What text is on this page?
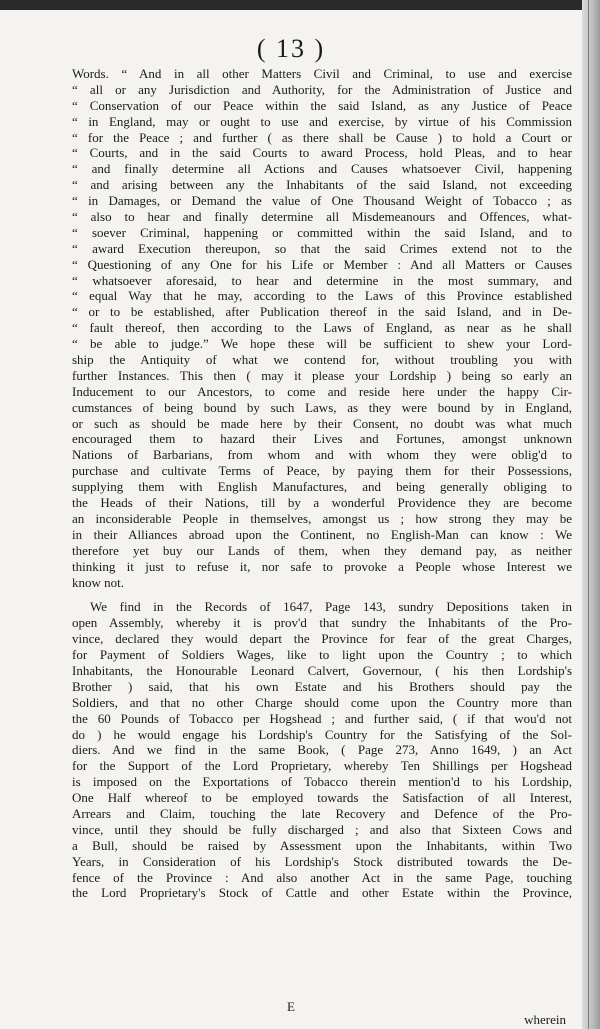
( 13 )
Words. “ And in all other Matters Civil and Criminal, to use and exercise
“ all or any Jurisdiction and Authority, for the Administration of Justice and
“ Conservation of our Peace within the said Island, as any Justice of Peace
“ in England, may or ought to use and exercise, by virtue of his Commission
“ for the Peace ; and further ( as there shall be Cause ) to hold a Court or
“ Courts, and in the said Courts to award Process, hold Pleas, and to hear
“ and finally determine all Actions and Causes whatsoever Civil, happening
“ and arising between any the Inhabitants of the said Island, not exceeding
“ in Damages, or Demand the value of One Thousand Weight of Tobacco ; as
“ also to hear and finally determine all Misdemeanours and Offences, what-
“ soever Criminal, happening or committed within the said Island, and to
“ award Execution thereupon, so that the said Crimes extend not to the
“ Questioning of any One for his Life or Member : And all Matters or Causes
“ whatsoever aforesaid, to hear and determine in the most summary, and
“ equal Way that he may, according to the Laws of this Province established
“ or to be established, after Publication thereof in the said Island, and in De-
“ fault thereof, then according to the Laws of England, as near as he shall
“ be able to judge.” We hope these will be sufficient to shew your Lord-
ship the Antiquity of what we contend for, without troubling you with
further Instances. This then ( may it please your Lordship ) being so early an
Inducement to our Ancestors, to come and reside here under the happy Cir-
cumstances of being bound by such Laws, as they were bound by in England,
or such as should be made here by their Consent, no doubt was what much
encouraged them to hazard their Lives and Fortunes, amongst unknown
Nations of Barbarians, from whom and with whom they were oblig'd to
purchase and cultivate Terms of Peace, by paying them for their Possessions,
supplying them with English Manufactures, and being generally obliging to
the Heads of their Nations, till by a wonderful Providence they are become
an inconsiderable People in themselves, amongst us ; how strong they may be
in their Alliances abroad upon the Continent, no English-Man can know : We
therefore yet buy our Lands of them, when they demand pay, as neither
thinking it just to refuse it, nor safe to provoke a People whose Interest we
know not.
We find in the Records of 1647, Page 143, sundry Depositions taken in
open Assembly, whereby it is prov'd that sundry the Inhabitants of the Pro-
vince, declared they would depart the Province for fear of the great Charges,
for Payment of Soldiers Wages, like to light upon the Country ; to which
Inhabitants, the Honourable Leonard Calvert, Governour, ( his then Lordship's
Brother ) said, that his own Estate and his Brothers should pay the
Soldiers, and that no other Charge should come upon the Country more than
the 60 Pounds of Tobacco per Hogshead ; and further said, ( if that wou'd not
do ) he would engage his Lordship's Country for the Satisfying of the Sol-
diers. And we find in the same Book, ( Page 273, Anno 1649, ) an Act
for the Support of the Lord Proprietary, whereby Ten Shillings per Hogshead
is imposed on the Exportations of Tobacco therein mention'd to his Lordship,
One Half whereof to be employed towards the Satisfaction of all Interest,
Arrears and Claim, touching the late Recovery and Defence of the Pro-
vince, until they should be fully discharged ; and also that Sixteen Cows and
a Bull, should be raised by Assessment upon the Inhabitants, within Two
Years, in Consideration of his Lordship's Stock distributed towards the De-
fence of the Province : And also another Act in the same Page, touching
the Lord Proprietary's Stock of Cattle and other Estate within the Province,
E
wherein
